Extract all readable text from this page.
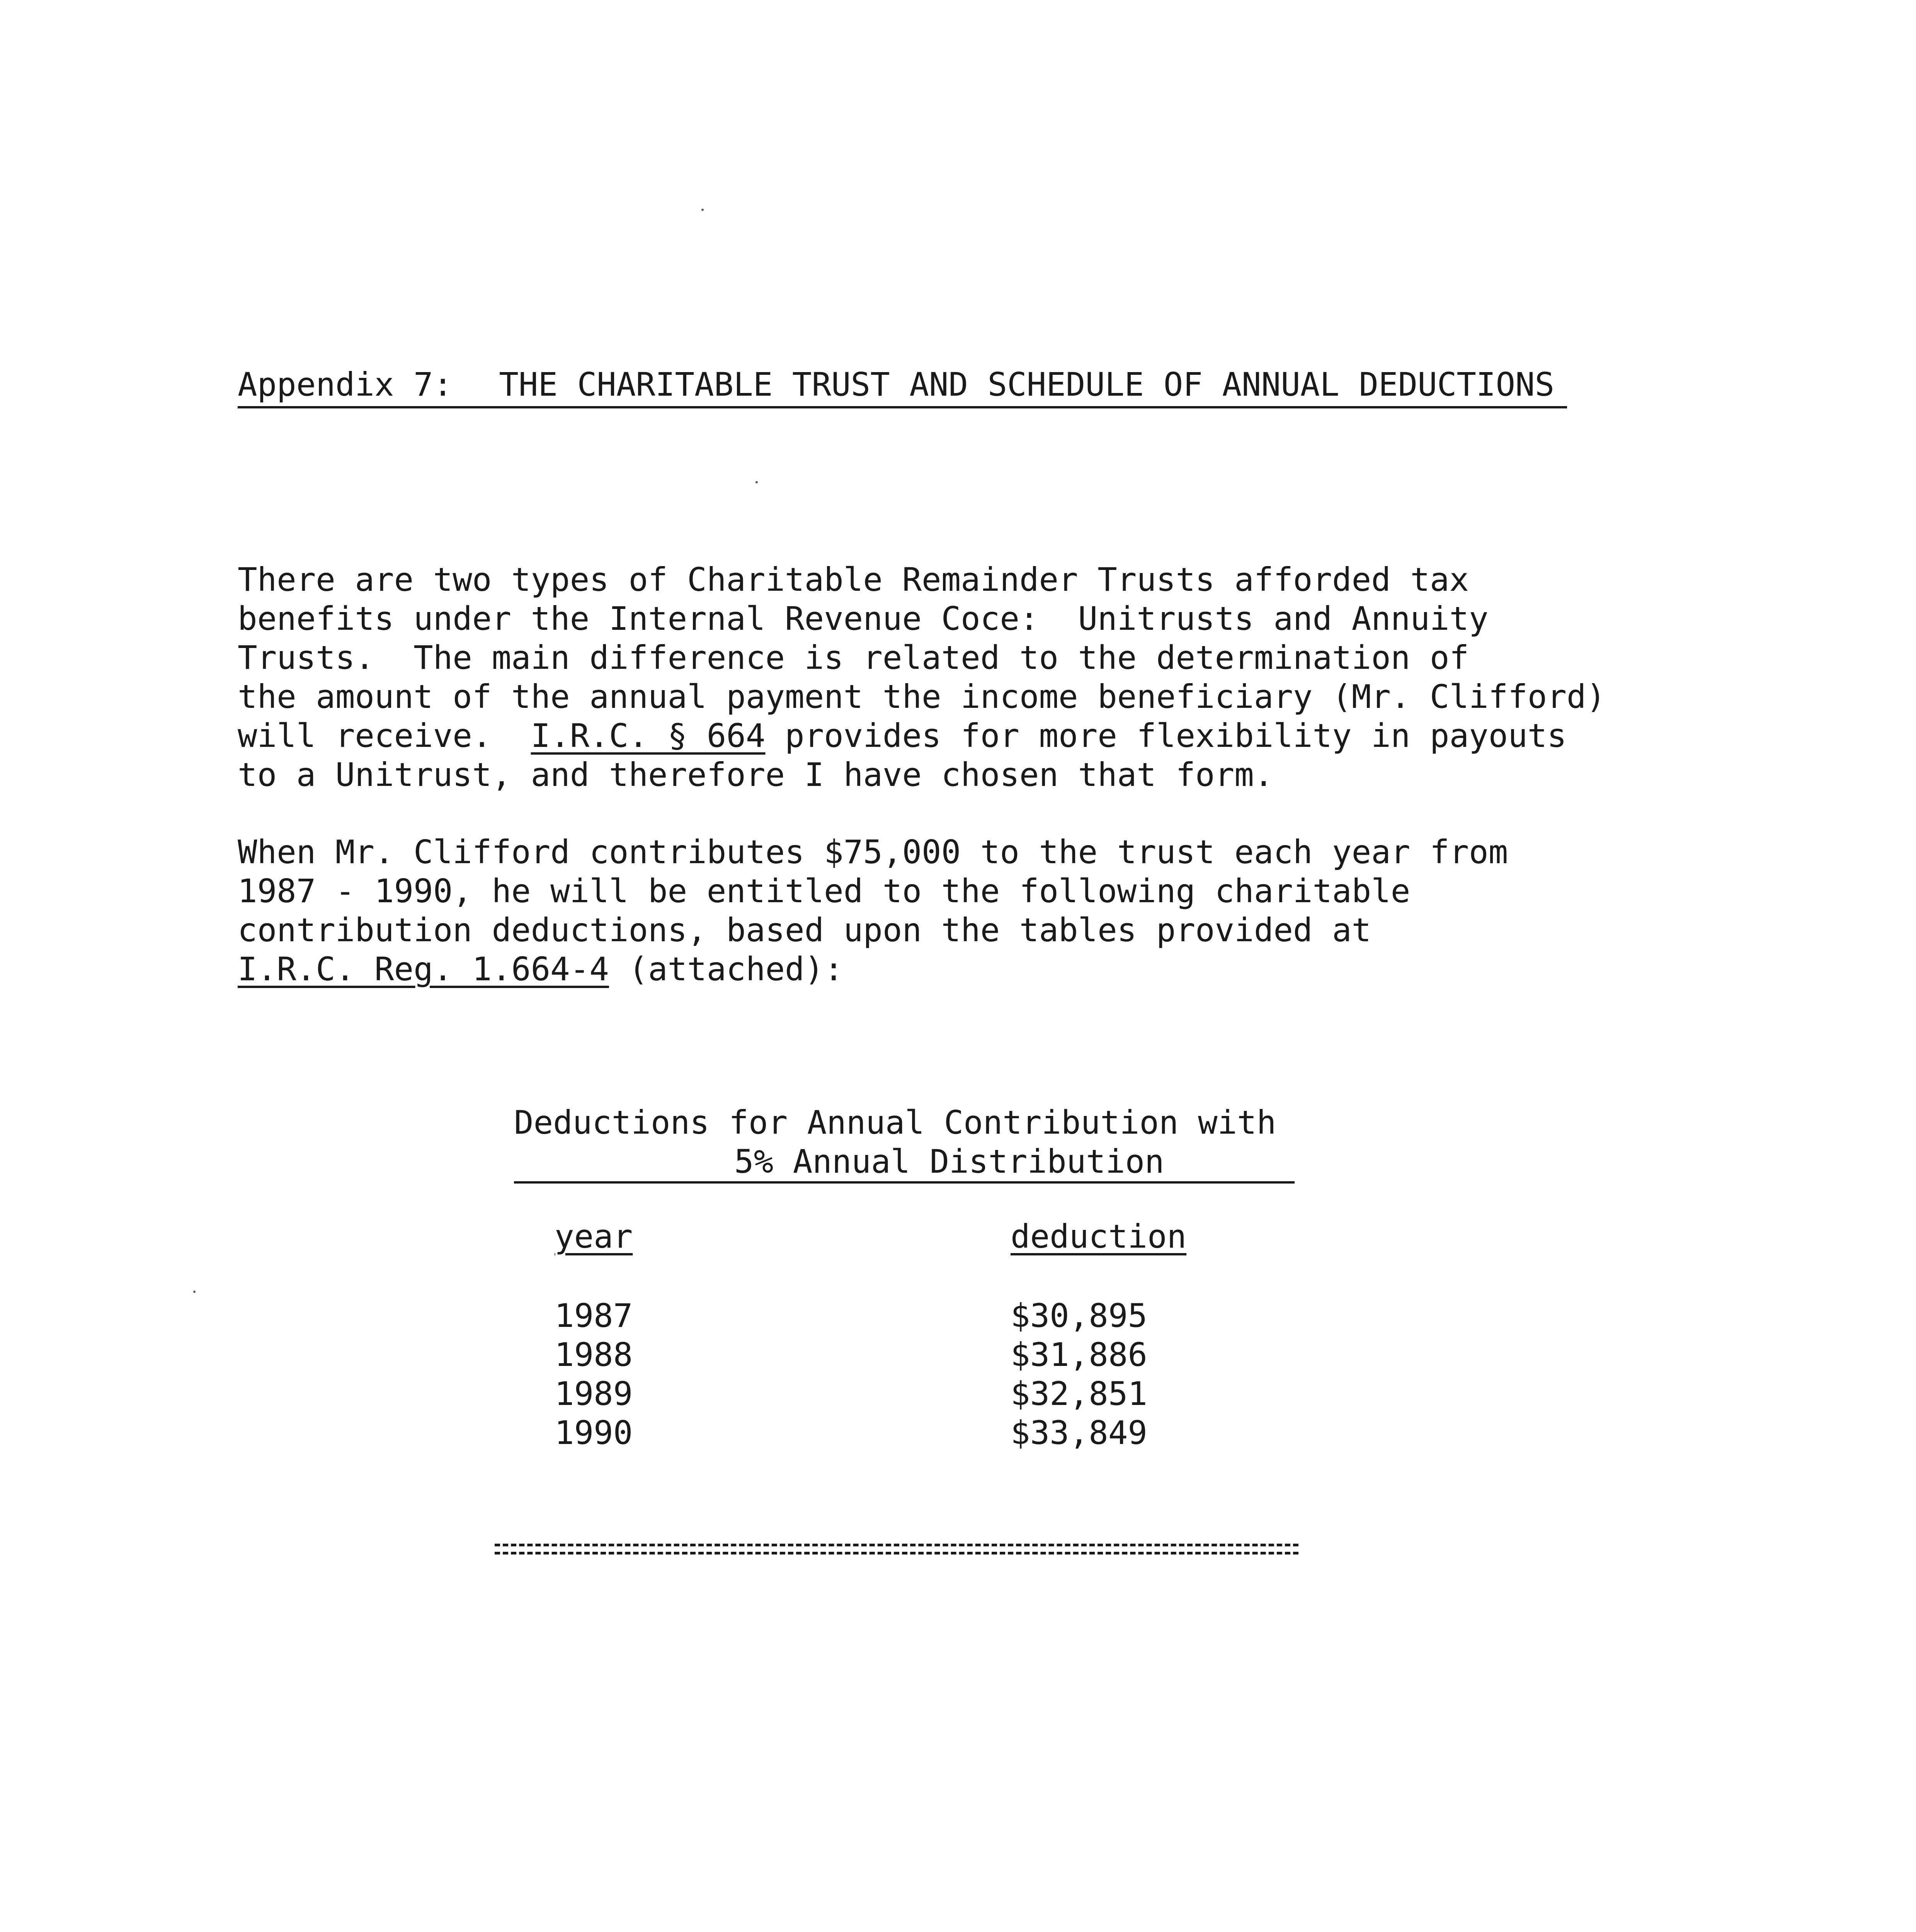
Appendix 7: THE CHARITABLE TRUST AND SCHEDULE OF ANNUAL DEDUCTIONS
There are two types of Charitable Remainder Trusts afforded tax
benefits under the Internal Revenue Coce:  Unitrusts and Annuity
Trusts.  The main difference is related to the determination of
the amount of the annual payment the income beneficiary (Mr. Clifford)
will receive.  I.R.C. § 664 provides for more flexibility in payouts
to a Unitrust, and therefore I have chosen that form.
When Mr. Clifford contributes $75,000 to the trust each year from
1987 - 1990, he will be entitled to the following charitable
contribution deductions, based upon the tables provided at
I.R.C. Reg. 1.664-4 (attached):
Deductions for Annual Contribution with
5% Annual Distribution
year	deduction
1987
1988
1989
1990
$30,895
$31,886
$32,851
$33,849
